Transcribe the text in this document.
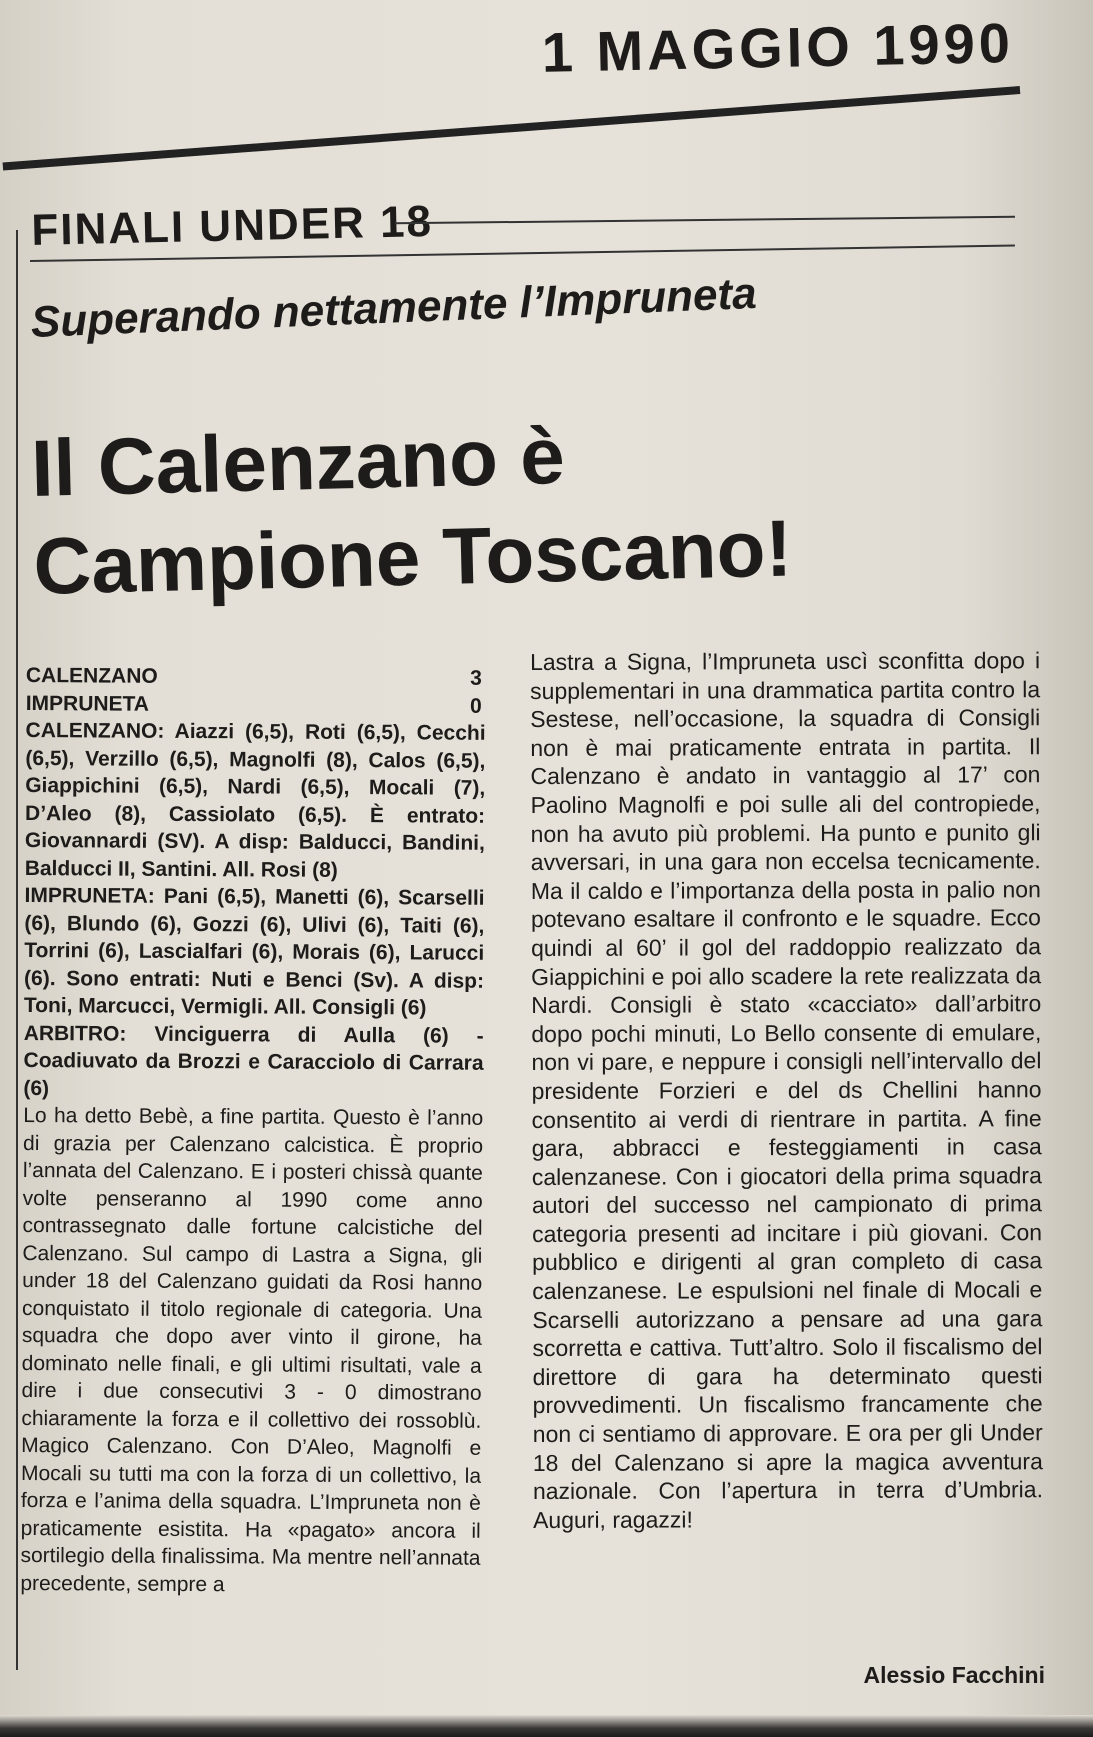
1 MAGGIO 1990
FINALI UNDER 18
Superando nettamente l’Impruneta
Il Calenzano è
Campione Toscano!
CALENZANO	3
IMPRUNETA	0

CALENZANO: Aiazzi (6,5), Roti (6,5), Cecchi (6,5), Verzillo (6,5), Magnolfi (8), Calos (6,5), Giappichini (6,5), Nardi (6,5), Mocali (7), D’Aleo (8), Cassiolato (6,5). È entrato: Giovannardi (SV). A disp: Balducci, Bandini, Balducci II, Santini. All. Rosi (8)

IMPRUNETA: Pani (6,5), Manetti (6), Scarselli (6), Blundo (6), Gozzi (6), Ulivi (6), Taiti (6), Torrini (6), Lascialfari (6), Morais (6), Larucci (6). Sono entrati: Nuti e Benci (Sv). A disp: Toni, Marcucci, Vermigli. All. Consigli (6)

ARBITRO: Vinciguerra di Aulla (6) - Coadiuvato da Brozzi e Caracciolo di Carrara (6)

Lo ha detto Bebè, a fine partita. Questo è l’anno di grazia per Calenzano calcistica. È proprio l’annata del Calenzano. E i posteri chissà quante volte penseranno al 1990 come anno contrassegnato dalle fortune calcistiche del Calenzano. Sul campo di Lastra a Signa, gli under 18 del Calenzano guidati da Rosi hanno conquistato il titolo regionale di categoria. Una squadra che dopo aver vinto il girone, ha dominato nelle finali, e gli ultimi risultati, vale a dire i due consecutivi 3 - 0 dimostrano chiaramente la forza e il collettivo dei rossoblù. Magico Calenzano. Con D’Aleo, Magnolfi e Mocali su tutti ma con la forza di un collettivo, la forza e l’anima della squadra. L’Impruneta non è praticamente esistita. Ha «pagato» ancora il sortilegio della finalissima. Ma mentre nell’annata precedente, sempre a

Lastra a Signa, l’Impruneta uscì sconfitta dopo i supplementari in una drammatica partita contro la Sestese, nell’occasione, la squadra di Consigli non è mai praticamente entrata in partita. Il Calenzano è andato in vantaggio al 17’ con Paolino Magnolfi e poi sulle ali del contropiede, non ha avuto più problemi. Ha punto e punito gli avversari, in una gara non eccelsa tecnicamente. Ma il caldo e l’importanza della posta in palio non potevano esaltare il confronto e le squadre. Ecco quindi al 60’ il gol del raddoppio realizzato da Giappichini e poi allo scadere la rete realizzata da Nardi. Consigli è stato «cacciato» dall’arbitro dopo pochi minuti, Lo Bello consente di emulare, non vi pare, e neppure i consigli nell’intervallo del presidente Forzieri e del ds Chellini hanno consentito ai verdi di rientrare in partita. A fine gara, abbracci e festeggiamenti in casa calenzanese. Con i giocatori della prima squadra autori del successo nel campionato di prima categoria presenti ad incitare i più giovani. Con pubblico e dirigenti al gran completo di casa calenzanese. Le espulsioni nel finale di Mocali e Scarselli autorizzano a pensare ad una gara scorretta e cattiva. Tutt’altro. Solo il fiscalismo del direttore di gara ha determinato questi provvedimenti. Un fiscalismo francamente che non ci sentiamo di approvare. E ora per gli Under 18 del Calenzano si apre la magica avventura nazionale. Con l’apertura in terra d’Umbria. Auguri, ragazzi!

Alessio Facchini
